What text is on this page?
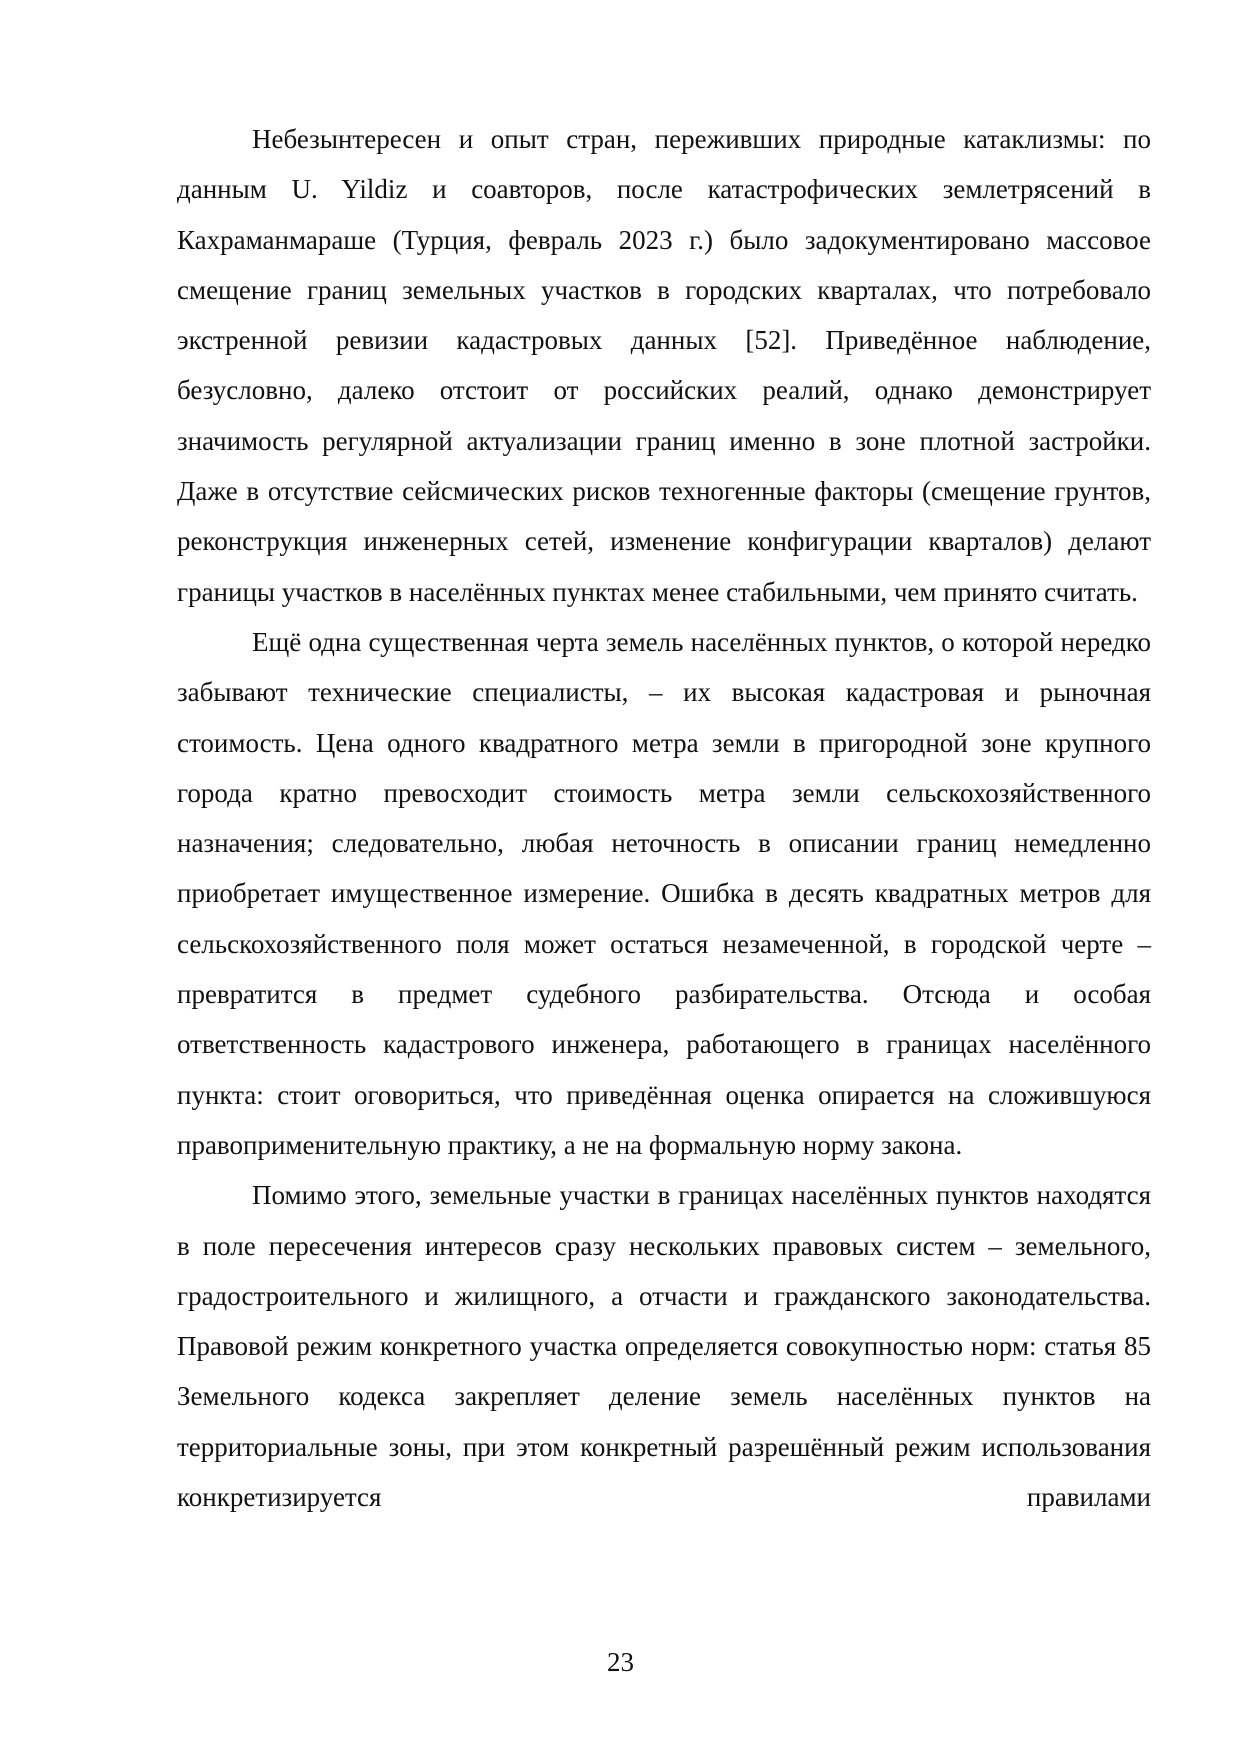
Небезынтересен и опыт стран, переживших природные катаклизмы: по данным U. Yildiz и соавторов, после катастрофических землетрясений в Кахраманмараше (Турция, февраль 2023 г.) было задокументировано массовое смещение границ земельных участков в городских кварталах, что потребовало экстренной ревизии кадастровых данных [52]. Приведённое наблюдение, безусловно, далеко отстоит от российских реалий, однако демонстрирует значимость регулярной актуализации границ именно в зоне плотной застройки. Даже в отсутствие сейсмических рисков техногенные факторы (смещение грунтов, реконструкция инженерных сетей, изменение конфигурации кварталов) делают границы участков в населённых пунктах менее стабильными, чем принято считать.

Ещё одна существенная черта земель населённых пунктов, о которой нередко забывают технические специалисты, – их высокая кадастровая и рыночная стоимость. Цена одного квадратного метра земли в пригородной зоне крупного города кратно превосходит стоимость метра земли сельскохозяйственного назначения; следовательно, любая неточность в описании границ немедленно приобретает имущественное измерение. Ошибка в десять квадратных метров для сельскохозяйственного поля может остаться незамеченной, в городской черте – превратится в предмет судебного разбирательства. Отсюда и особая ответственность кадастрового инженера, работающего в границах населённого пункта: стоит оговориться, что приведённая оценка опирается на сложившуюся правоприменительную практику, а не на формальную норму закона.

Помимо этого, земельные участки в границах населённых пунктов находятся в поле пересечения интересов сразу нескольких правовых систем – земельного, градостроительного и жилищного, а отчасти и гражданского законодательства. Правовой режим конкретного участка определяется совокупностью норм: статья 85 Земельного кодекса закрепляет деление земель населённых пунктов на территориальные зоны, при этом конкретный разрешённый режим использования конкретизируется правилами

23
